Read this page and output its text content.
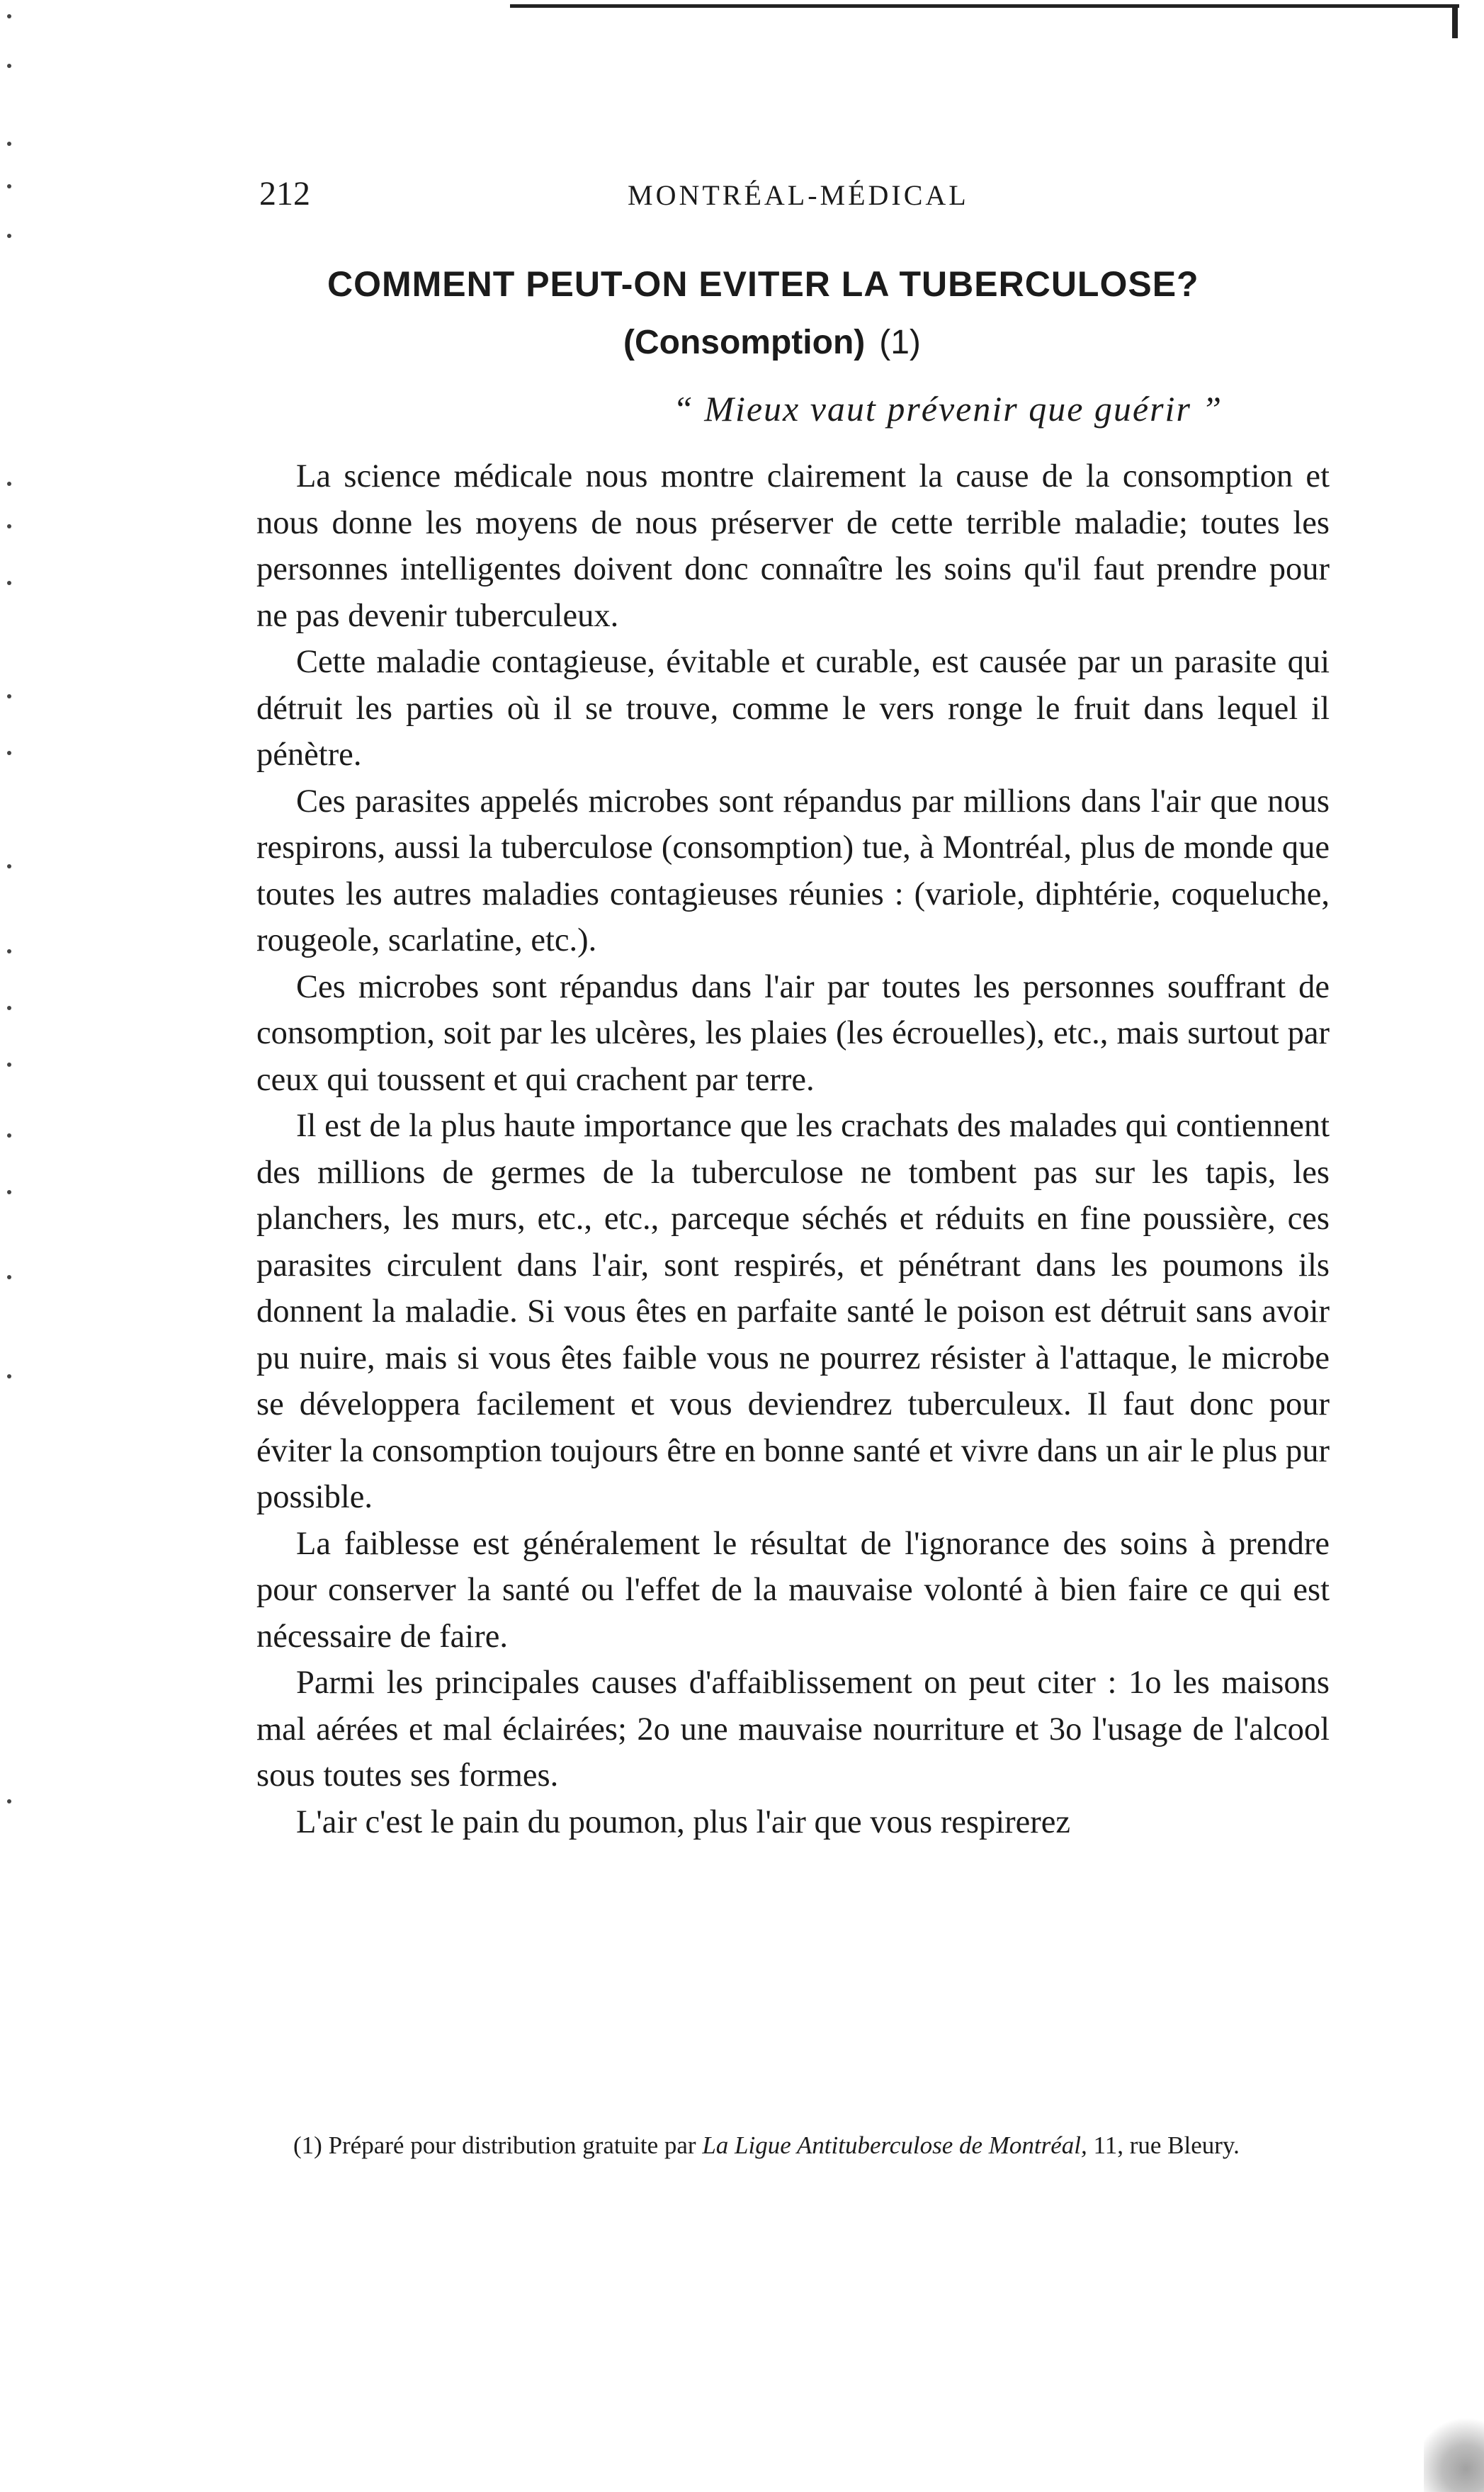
212	MONTRÉAL-MÉDICAL
COMMENT PEUT-ON EVITER LA TUBERCULOSE?
(Consomption) (1)
“ Mieux vaut prévenir que guérir ”

La science médicale nous montre clairement la cause de la consomption et nous donne les moyens de nous préserver de cette terrible maladie; toutes les personnes intelligentes doivent donc connaître les soins qu'il faut prendre pour ne pas devenir tuberculeux.

Cette maladie contagieuse, évitable et curable, est causée par un parasite qui détruit les parties où il se trouve, comme le vers ronge le fruit dans lequel il pénètre.

Ces parasites appelés microbes sont répandus par millions dans l'air que nous respirons, aussi la tuberculose (consomption) tue, à Montréal, plus de monde que toutes les autres maladies contagieuses réunies : (variole, diphtérie, coqueluche, rougeole, scarlatine, etc.).

Ces microbes sont répandus dans l'air par toutes les personnes souffrant de consomption, soit par les ulcères, les plaies (les écrouelles), etc., mais surtout par ceux qui toussent et qui crachent par terre.

Il est de la plus haute importance que les crachats des malades qui contiennent des millions de germes de la tuberculose ne tombent pas sur les tapis, les planchers, les murs, etc., etc., parceque séchés et réduits en fine poussière, ces parasites circulent dans l'air, sont respirés, et pénétrant dans les poumons ils donnent la maladie. Si vous êtes en parfaite santé le poison est détruit sans avoir pu nuire, mais si vous êtes faible vous ne pourrez résister à l'attaque, le microbe se développera facilement et vous deviendrez tuberculeux. Il faut donc pour éviter la consomption toujours être en bonne santé et vivre dans un air le plus pur possible.

La faiblesse est généralement le résultat de l'ignorance des soins à prendre pour conserver la santé ou l'effet de la mauvaise volonté à bien faire ce qui est nécessaire de faire.

Parmi les principales causes d'affaiblissement on peut citer : 1o les maisons mal aérées et mal éclairées; 2o une mauvaise nourriture et 3o l'usage de l'alcool sous toutes ses formes.

L'air c'est le pain du poumon, plus l'air que vous respirerez

(1) Préparé pour distribution gratuite par La Ligue Antituberculose de Montréal, 11, rue Bleury.
